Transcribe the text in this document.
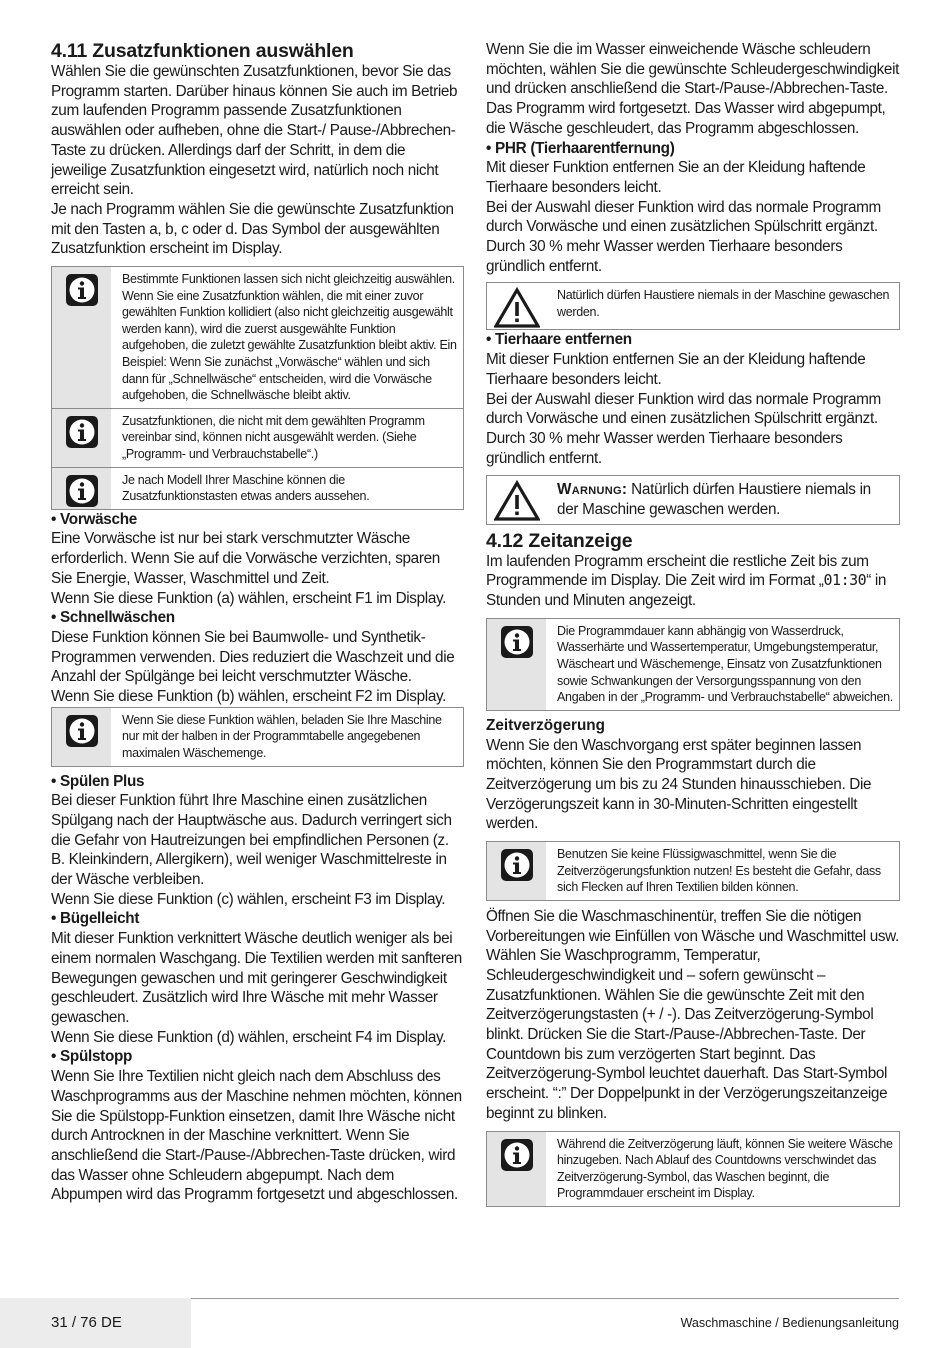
4.11 Zusatzfunktionen auswählen

Wählen Sie die gewünschten Zusatzfunktionen, bevor Sie das Programm starten. Darüber hinaus können Sie auch im Betrieb zum laufenden Programm passende Zusatzfunktionen auswählen oder aufheben, ohne die Start-/ Pause-/Abbrechen-Taste zu drücken. Allerdings darf der Schritt, in dem die jeweilige Zusatzfunktion eingesetzt wird, natürlich noch nicht erreicht sein.

Je nach Programm wählen Sie die gewünschte Zusatzfunktion mit den Tasten a, b, c oder d. Das Symbol der ausgewählten Zusatzfunktion erscheint im Display.

Bestimmte Funktionen lassen sich nicht gleichzeitig auswählen. Wenn Sie eine Zusatzfunktion wählen, die mit einer zuvor gewählten Funktion kollidiert (also nicht gleichzeitig ausgewählt werden kann), wird die zuerst ausgewählte Funktion aufgehoben, die zuletzt gewählte Zusatzfunktion bleibt aktiv. Ein Beispiel: Wenn Sie zunächst „Vorwäsche“ wählen und sich dann für „Schnellwäsche“ entscheiden, wird die Vorwäsche aufgehoben, die Schnellwäsche bleibt aktiv.
Zusatzfunktionen, die nicht mit dem gewählten Programm vereinbar sind, können nicht ausgewählt werden. (Siehe „Programm- und Verbrauchstabelle“.)
Je nach Modell Ihrer Maschine können die Zusatzfunktionstasten etwas anders aussehen.

• Vorwäsche

Eine Vorwäsche ist nur bei stark verschmutzter Wäsche erforderlich. Wenn Sie auf die Vorwäsche verzichten, sparen Sie Energie, Wasser, Waschmittel und Zeit.

Wenn Sie diese Funktion (a) wählen, erscheint F1 im Display.

• Schnellwäschen

Diese Funktion können Sie bei Baumwolle- und Synthetik-Programmen verwenden. Dies reduziert die Waschzeit und die Anzahl der Spülgänge bei leicht verschmutzter Wäsche.

Wenn Sie diese Funktion (b) wählen, erscheint F2 im Display.

Wenn Sie diese Funktion wählen, beladen Sie Ihre Maschine nur mit der halben in der Programmtabelle angegebenen maximalen Wäschemenge.

• Spülen Plus

Bei dieser Funktion führt Ihre Maschine einen zusätzlichen Spülgang nach der Hauptwäsche aus. Dadurch verringert sich die Gefahr von Hautreizungen bei empfindlichen Personen (z. B. Kleinkindern, Allergikern), weil weniger Waschmittelreste in der Wäsche verbleiben.

Wenn Sie diese Funktion (c) wählen, erscheint F3 im Display.

• Bügelleicht

Mit dieser Funktion verknittert Wäsche deutlich weniger als bei einem normalen Waschgang. Die Textilien werden mit sanfteren Bewegungen gewaschen und mit geringerer Geschwindigkeit geschleudert. Zusätzlich wird Ihre Wäsche mit mehr Wasser gewaschen.

Wenn Sie diese Funktion (d) wählen, erscheint F4 im Display.

• Spülstopp

Wenn Sie Ihre Textilien nicht gleich nach dem Abschluss des Waschprogramms aus der Maschine nehmen möchten, können Sie die Spülstopp-Funktion einsetzen, damit Ihre Wäsche nicht durch Antrocknen in der Maschine verknittert. Wenn Sie anschließend die Start-/Pause-/Abbrechen-Taste drücken, wird das Wasser ohne Schleudern abgepumpt. Nach dem Abpumpen wird das Programm fortgesetzt und abgeschlossen.

Wenn Sie die im Wasser einweichende Wäsche schleudern möchten, wählen Sie die gewünschte Schleudergeschwindigkeit und drücken anschließend die Start-/Pause-/Abbrechen-Taste.

Das Programm wird fortgesetzt. Das Wasser wird abgepumpt, die Wäsche geschleudert, das Programm abgeschlossen.

• PHR (Tierhaarentfernung)

Mit dieser Funktion entfernen Sie an der Kleidung haftende Tierhaare besonders leicht.

Bei der Auswahl dieser Funktion wird das normale Programm durch Vorwäsche und einen zusätzlichen Spülschritt ergänzt. Durch 30 % mehr Wasser werden Tierhaare besonders gründlich entfernt.

Natürlich dürfen Haustiere niemals in der Maschine gewaschen werden.

• Tierhaare entfernen

Mit dieser Funktion entfernen Sie an der Kleidung haftende Tierhaare besonders leicht.

Bei der Auswahl dieser Funktion wird das normale Programm durch Vorwäsche und einen zusätzlichen Spülschritt ergänzt. Durch 30 % mehr Wasser werden Tierhaare besonders gründlich entfernt.

Warnung: Natürlich dürfen Haustiere niemals in der Maschine gewaschen werden.
4.12 Zeitanzeige

Im laufenden Programm erscheint die restliche Zeit bis zum Programmende im Display. Die Zeit wird im Format „01:30“ in Stunden und Minuten angezeigt.

Die Programmdauer kann abhängig von Wasserdruck, Wasserhärte und Wassertemperatur, Umgebungstemperatur, Wäscheart und Wäschemenge, Einsatz von Zusatzfunktionen sowie Schwankungen der Versorgungsspannung von den Angaben in der „Programm- und Verbrauchstabelle“ abweichen.

Zeitverzögerung

Wenn Sie den Waschvorgang erst später beginnen lassen möchten, können Sie den Programmstart durch die Zeitverzögerung um bis zu 24 Stunden hinausschieben. Die Verzögerungszeit kann in 30-Minuten-Schritten eingestellt werden.

Benutzen Sie keine Flüssigwaschmittel, wenn Sie die Zeitverzögerungsfunktion nutzen! Es besteht die Gefahr, dass sich Flecken auf Ihren Textilien bilden können.

Öffnen Sie die Waschmaschinentür, treffen Sie die nötigen Vorbereitungen wie Einfüllen von Wäsche und Waschmittel usw. Wählen Sie Waschprogramm, Temperatur, Schleudergeschwindigkeit und – sofern gewünscht – Zusatzfunktionen. Wählen Sie die gewünschte Zeit mit den Zeitverzögerungstasten (+ / -). Das Zeitverzögerung-Symbol blinkt. Drücken Sie die Start-/Pause-/Abbrechen-Taste. Der Countdown bis zum verzögerten Start beginnt. Das Zeitverzögerung-Symbol leuchtet dauerhaft. Das Start-Symbol erscheint. “:” Der Doppelpunkt in der Verzögerungszeitanzeige beginnt zu blinken.

Während die Zeitverzögerung läuft, können Sie weitere Wäsche hinzugeben. Nach Ablauf des Countdowns verschwindet das Zeitverzögerung-Symbol, das Waschen beginnt, die Programmdauer erscheint im Display.
31 / 76 DE	Waschmaschine / Bedienungsanleitung
